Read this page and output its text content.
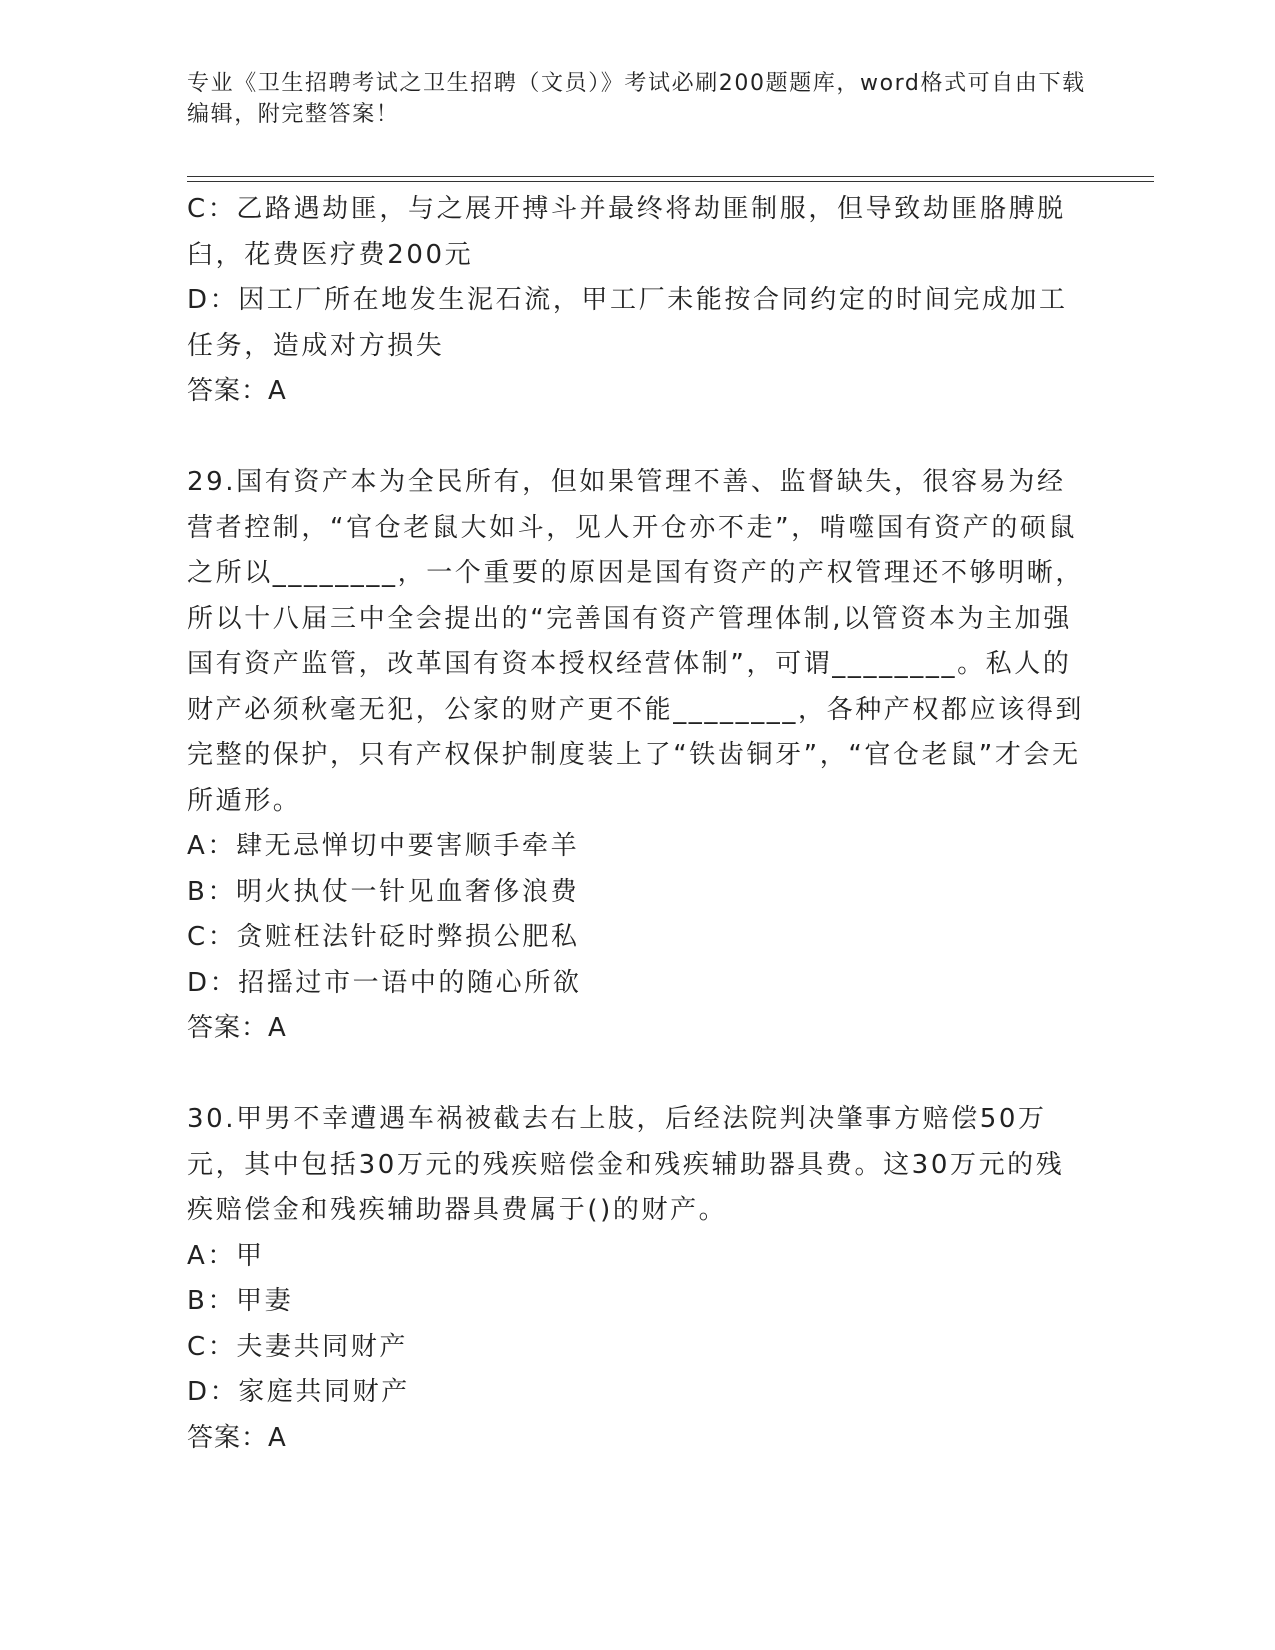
专业《卫生招聘考试之卫生招聘（文员）》考试必刷200题题库，word格式可自由下载编辑，附完整答案！

C：乙路遇劫匪，与之展开搏斗并最终将劫匪制服，但导致劫匪胳膊脱臼，花费医疗费200元

D：因工厂所在地发生泥石流，甲工厂未能按合同约定的时间完成加工任务，造成对方损失

答案：A

29.国有资产本为全民所有，但如果管理不善、监督缺失，很容易为经营者控制，“官仓老鼠大如斗，见人开仓亦不走”，啃噬国有资产的硕鼠之所以________，一个重要的原因是国有资产的产权管理还不够明晰，所以十八届三中全会提出的“完善国有资产管理体制,以管资本为主加强国有资产监管，改革国有资本授权经营体制”，可谓________。私人的财产必须秋毫无犯，公家的财产更不能________，各种产权都应该得到完整的保护，只有产权保护制度装上了“铁齿铜牙”，“官仓老鼠”才会无所遁形。

A：肆无忌惮切中要害顺手牵羊

B：明火执仗一针见血奢侈浪费

C：贪赃枉法针砭时弊损公肥私

D：招摇过市一语中的随心所欲

答案：A

30.甲男不幸遭遇车祸被截去右上肢，后经法院判决肇事方赔偿50万元，其中包括30万元的残疾赔偿金和残疾辅助器具费。这30万元的残疾赔偿金和残疾辅助器具费属于()的财产。

A：甲

B：甲妻

C：夫妻共同财产

D：家庭共同财产

答案：A
